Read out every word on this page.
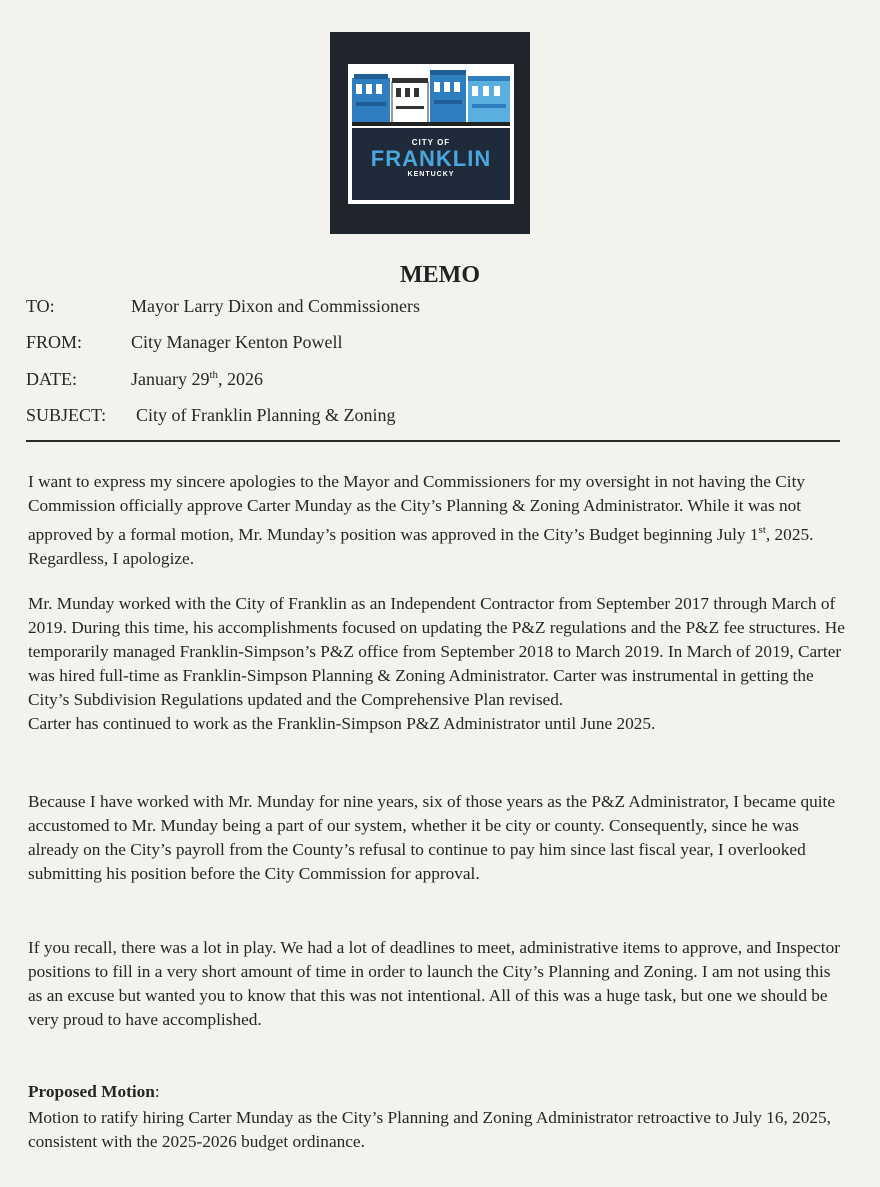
CITY OF
FRANKLIN
KENTUCKY
MEMO
TO:	Mayor Larry Dixon and Commissioners
FROM:	City Manager Kenton Powell
DATE:	January 29th, 2026
SUBJECT: City of Franklin Planning & Zoning

I want to express my sincere apologies to the Mayor and Commissioners for my oversight in not having the City Commission officially approve Carter Munday as the City’s Planning & Zoning Administrator. While it was not approved by a formal motion, Mr. Munday’s position was approved in the City’s Budget beginning July 1st, 2025. Regardless, I apologize.

Mr. Munday worked with the City of Franklin as an Independent Contractor from September 2017 through March of 2019. During this time, his accomplishments focused on updating the P&Z regulations and the P&Z fee structures. He temporarily managed Franklin-Simpson’s P&Z office from September 2018 to March 2019. In March of 2019, Carter was hired full-time as Franklin-Simpson Planning & Zoning Administrator. Carter was instrumental in getting the City’s Subdivision Regulations updated and the Comprehensive Plan revised.
Carter has continued to work as the Franklin-Simpson P&Z Administrator until June 2025.

Because I have worked with Mr. Munday for nine years, six of those years as the P&Z Administrator, I became quite accustomed to Mr. Munday being a part of our system, whether it be city or county. Consequently, since he was already on the City’s payroll from the County’s refusal to continue to pay him since last fiscal year, I overlooked submitting his position before the City Commission for approval.

If you recall, there was a lot in play. We had a lot of deadlines to meet, administrative items to approve, and Inspector positions to fill in a very short amount of time in order to launch the City’s Planning and Zoning. I am not using this as an excuse but wanted you to know that this was not intentional. All of this was a huge task, but one we should be very proud to have accomplished.

Proposed Motion:

Motion to ratify hiring Carter Munday as the City’s Planning and Zoning Administrator retroactive to July 16, 2025, consistent with the 2025-2026 budget ordinance.
